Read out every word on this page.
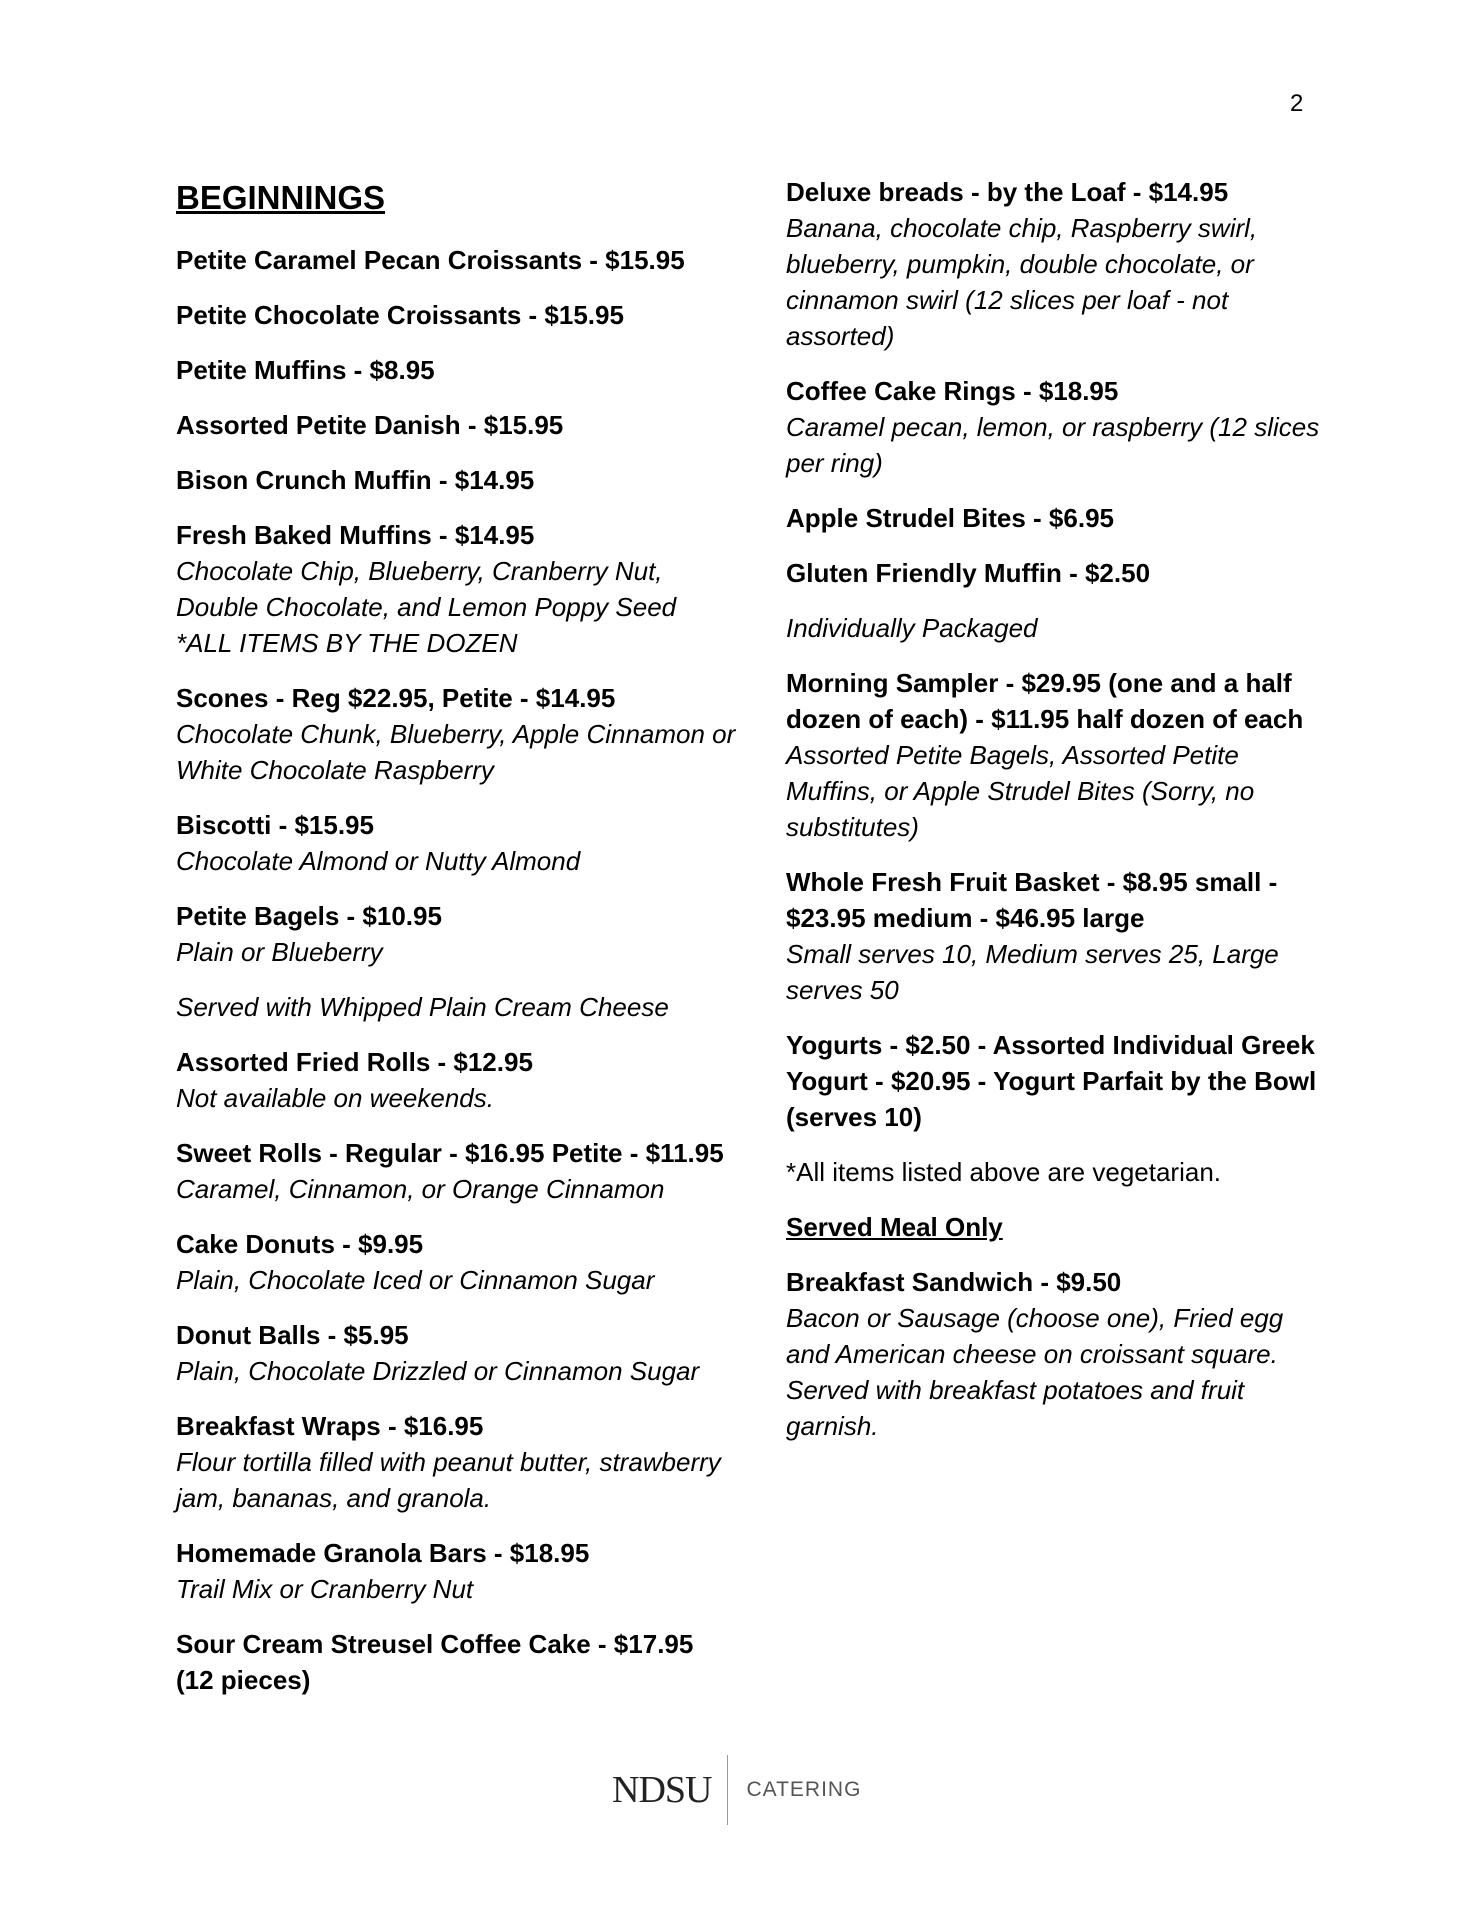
2
BEGINNINGS
Petite Caramel Pecan Croissants - $15.95
Petite Chocolate Croissants - $15.95
Petite Muffins - $8.95
Assorted Petite Danish - $15.95
Bison Crunch Muffin - $14.95
Fresh Baked Muffins - $14.95
Chocolate Chip, Blueberry, Cranberry Nut, Double Chocolate, and Lemon Poppy Seed *ALL ITEMS BY THE DOZEN
Scones - Reg $22.95, Petite - $14.95
Chocolate Chunk, Blueberry, Apple Cinnamon or White Chocolate Raspberry
Biscotti - $15.95
Chocolate Almond or Nutty Almond
Petite Bagels - $10.95
Plain or Blueberry
Served with Whipped Plain Cream Cheese
Assorted Fried Rolls - $12.95
Not available on weekends.
Sweet Rolls - Regular - $16.95 Petite - $11.95
Caramel, Cinnamon, or Orange Cinnamon
Cake Donuts - $9.95
Plain, Chocolate Iced or Cinnamon Sugar
Donut Balls - $5.95
Plain, Chocolate Drizzled or Cinnamon Sugar
Breakfast Wraps - $16.95
Flour tortilla filled with peanut butter, strawberry jam, bananas, and granola.
Homemade Granola Bars - $18.95
Trail Mix or Cranberry Nut
Sour Cream Streusel Coffee Cake - $17.95 (12 pieces)
Deluxe breads - by the Loaf - $14.95
Banana, chocolate chip, Raspberry swirl, blueberry, pumpkin, double chocolate, or cinnamon swirl (12 slices per loaf - not assorted)
Coffee Cake Rings - $18.95
Caramel pecan, lemon, or raspberry (12 slices per ring)
Apple Strudel Bites - $6.95
Gluten Friendly Muffin - $2.50
Individually Packaged
Morning Sampler - $29.95 (one and a half dozen of each) - $11.95 half dozen of each
Assorted Petite Bagels, Assorted Petite Muffins, or Apple Strudel Bites (Sorry, no substitutes)
Whole Fresh Fruit Basket - $8.95 small - $23.95 medium - $46.95 large
Small serves 10, Medium serves 25, Large serves 50
Yogurts - $2.50 - Assorted Individual Greek Yogurt - $20.95 - Yogurt Parfait by the Bowl (serves 10)
*All items listed above are vegetarian.
Served Meal Only
Breakfast Sandwich - $9.50
Bacon or Sausage (choose one), Fried egg and American cheese on croissant square. Served with breakfast potatoes and fruit garnish.
NDSU	CATERING
